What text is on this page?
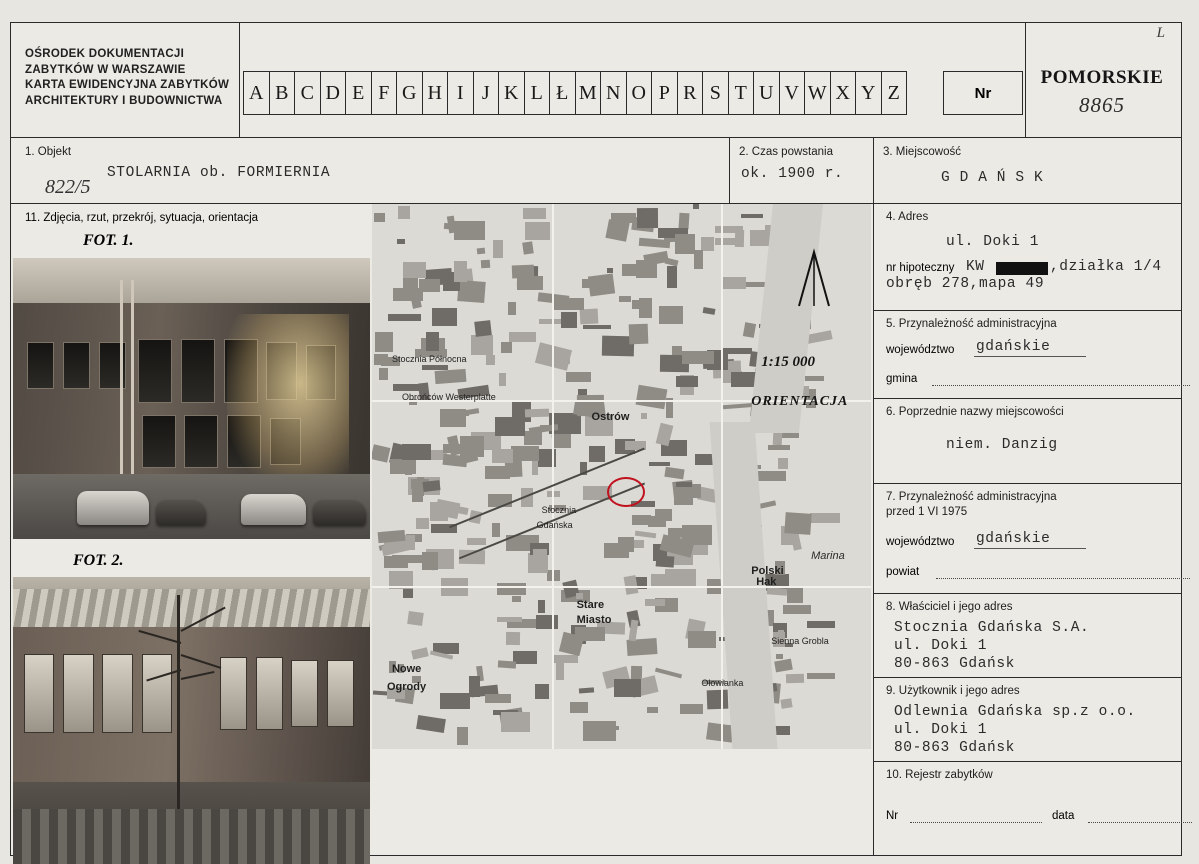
L
OŚRODEK DOKUMENTACJI
ZABYTKÓW W WARSZAWIE
KARTA EWIDENCYJNA ZABYTKÓW
ARCHITEKTURY I BUDOWNICTWA	A B C D E F G H I J K L Ł M N O P R S T U V W X Y Z	Nr
POMORSKIE
8865
1. Objekt
STOLARNIA ob. FORMIERNIA
822/5
2. Czas powstania
ok. 1900 r.
3. Miejscowość
G D A Ń S K
11. Zdjęcia, rzut, przekrój, sytuacja, orientacja
FOT. 1.
FOT. 2.
1:15 000
ORIENTACJA
Stocznia Północna
Obrońców Westerplatte
Ostrów
Stocznia
Gdańska
Polski
Hak
Stare
Miasto
Sienna Grobla
Nowe
Ogrody	Ołowianka
Marina
4. Adres
ul. Doki 1
nr hipoteczny KW	,działka 1/4
obręb 278,mapa 49
5. Przynależność administracyjna
województwo gdańskie
gmina
6. Poprzednie nazwy miejscowości
niem. Danzig
7. Przynależność administracyjna
przed 1 VI 1975
województwo gdańskie
powiat
8. Właściciel i jego adres
Stocznia Gdańska S.A.
ul. Doki 1
80-863 Gdańsk
9. Użytkownik i jego adres
Odlewnia Gdańska sp.z o.o.
ul. Doki 1
80-863 Gdańsk
10. Rejestr zabytków
Nr	data
